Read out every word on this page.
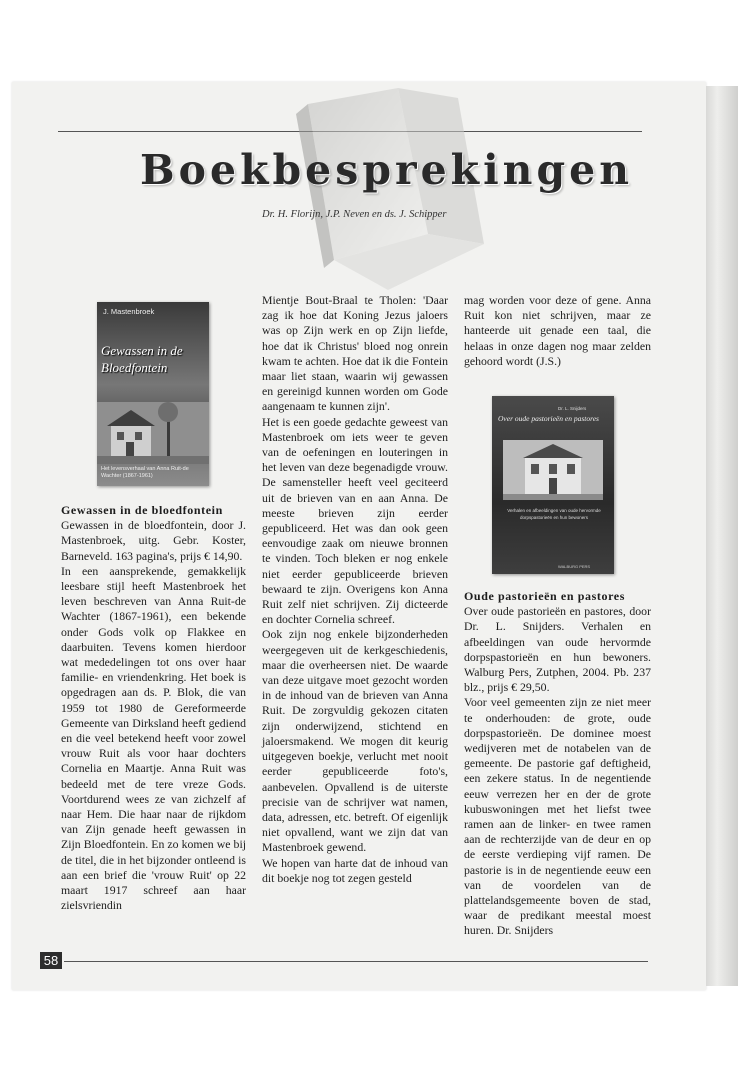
Boekbesprekingen

Dr. H. Florijn, J.P. Neven en ds. J. Schipper

J. Mastenbroek
Gewassen in de Bloedfontein
Het levensverhaal van Anna Ruit-de Wachter (1867-1961)
Dr. L. Snijders
Over oude pastorieën en pastores
Verhalen en afbeeldingen van oude hervormde dorpspastorieën en hun bewoners
WALBURG PERS
Gewassen in de bloedfontein

Gewassen in de bloedfontein, door J. Mastenbroek, uitg. Gebr. Koster, Barneveld. 163 pagina's, prijs € 14,90.

In een aansprekende, gemakkelijk leesbare stijl heeft Mastenbroek het leven beschreven van Anna Ruit-de Wachter (1867-1961), een bekende onder Gods volk op Flakkee en daarbuiten. Tevens komen hierdoor wat mededelingen tot ons over haar familie- en vriendenkring. Het boek is opgedragen aan ds. P. Blok, die van 1959 tot 1980 de Gereformeerde Gemeente van Dirksland heeft gediend en die veel betekend heeft voor zowel vrouw Ruit als voor haar dochters Cornelia en Maartje. Anna Ruit was bedeeld met de tere vreze Gods. Voortdurend wees ze van zichzelf af naar Hem. Die haar naar de rijkdom van Zijn genade heeft gewassen in Zijn Bloedfontein. En zo komen we bij de titel, die in het bijzonder ontleend is aan een brief die 'vrouw Ruit' op 22 maart 1917 schreef aan haar zielsvriendin

Mientje Bout-Braal te Tholen: 'Daar zag ik hoe dat Koning Jezus jaloers was op Zijn werk en op Zijn liefde, hoe dat ik Christus' bloed nog onrein kwam te achten. Hoe dat ik die Fontein maar liet staan, waarin wij gewassen en gereinigd kunnen worden om Gode aangenaam te kunnen zijn'.

Het is een goede gedachte geweest van Mastenbroek om iets weer te geven van de oefeningen en louteringen in het leven van deze begenadigde vrouw. De samensteller heeft veel geciteerd uit de brieven van en aan Anna. De meeste brieven zijn eerder gepubliceerd. Het was dan ook geen eenvoudige zaak om nieuwe bronnen te vinden. Toch bleken er nog enkele niet eerder gepubliceerde brieven bewaard te zijn. Overigens kon Anna Ruit zelf niet schrijven. Zij dicteerde en dochter Cornelia schreef.

Ook zijn nog enkele bijzonderheden weergegeven uit de kerkgeschiedenis, maar die overheersen niet. De waarde van deze uitgave moet gezocht worden in de inhoud van de brieven van Anna Ruit. De zorgvuldig gekozen citaten zijn onderwijzend, stichtend en jaloersmakend. We mogen dit keurig uitgegeven boekje, verlucht met nooit eerder gepubliceerde foto's, aanbevelen. Opvallend is de uiterste precisie van de schrijver wat namen, data, adressen, etc. betreft. Of eigenlijk niet opvallend, want we zijn dat van Mastenbroek gewend.

We hopen van harte dat de inhoud van dit boekje nog tot zegen gesteld

mag worden voor deze of gene. Anna Ruit kon niet schrijven, maar ze hanteerde uit genade een taal, die helaas in onze dagen nog maar zelden gehoord wordt (J.S.)

Oude pastorieën en pastores

Over oude pastorieën en pastores, door Dr. L. Snijders. Verhalen en afbeeldingen van oude hervormde dorpspastorieën en hun bewoners. Walburg Pers, Zutphen, 2004. Pb. 237 blz., prijs € 29,50.

Voor veel gemeenten zijn ze niet meer te onderhouden: de grote, oude dorpspastorieën. De dominee moest wedijveren met de notabelen van de gemeente. De pastorie gaf deftigheid, een zekere status. In de negentiende eeuw verrezen her en der de grote kubuswoningen met het liefst twee ramen aan de linker- en twee ramen aan de rechterzijde van de deur en op de eerste verdieping vijf ramen. De pastorie is in de negentiende eeuw een van de voordelen van de plattelandsgemeente boven de stad, waar de predikant meestal moest huren. Dr. Snijders

58
